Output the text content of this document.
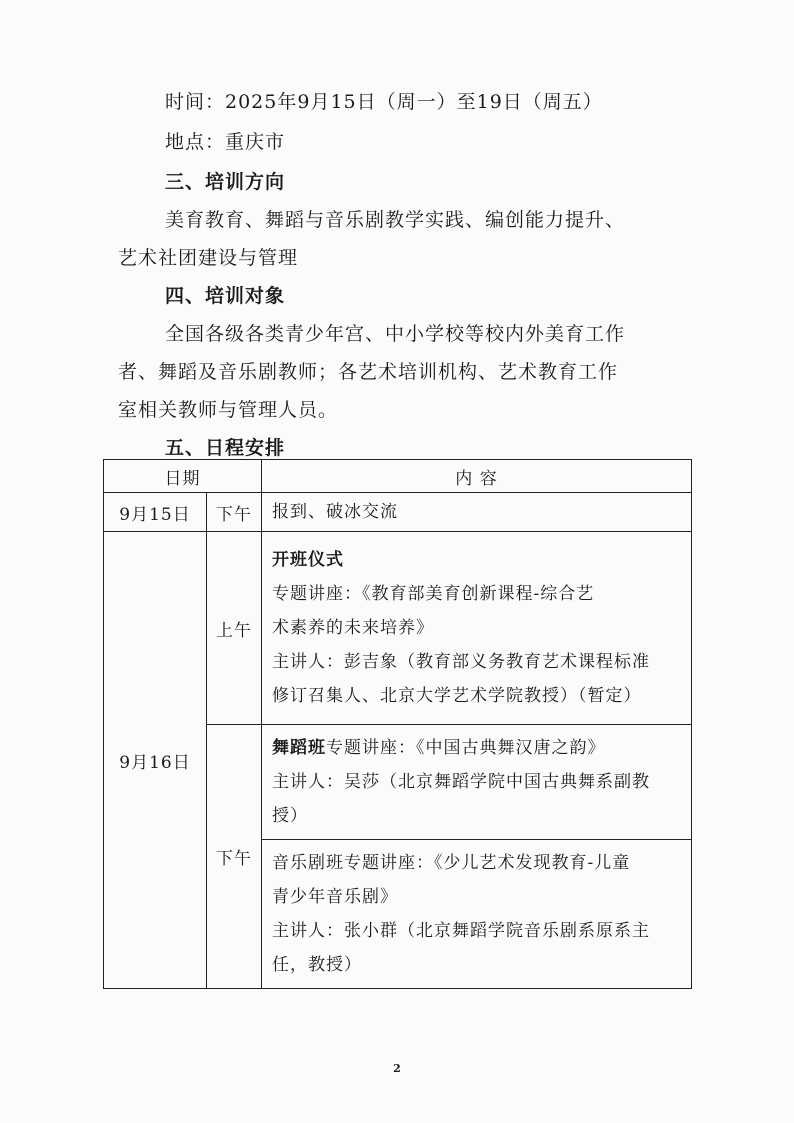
时间：2025年9月15日（周一）至19日（周五）
地点：重庆市
三、培训方向
美育教育、舞蹈与音乐剧教学实践、编创能力提升、
艺术社团建设与管理
四、培训对象
全国各级各类青少年宫、中小学校等校内外美育工作
者、舞蹈及音乐剧教师；各艺术培训机构、艺术教育工作
室相关教师与管理人员。
五、日程安排
日期		内 容
9月15日	下午	报到、破冰交流

9月16日	上午	开班仪式
专题讲座：《教育部美育创新课程-综合艺
术素养的未来培养》
主讲人：彭吉象（教育部义务教育艺术课程标准
修订召集人、北京大学艺术学院教授）（暂定）

	下午	舞蹈班专题讲座：《中国古典舞汉唐之韵》
主讲人：吴莎（北京舞蹈学院中国古典舞系副教
授）

		音乐剧班专题讲座：《少儿艺术发现教育-儿童
青少年音乐剧》
主讲人：张小群（北京舞蹈学院音乐剧系原系主
任，教授）
2
